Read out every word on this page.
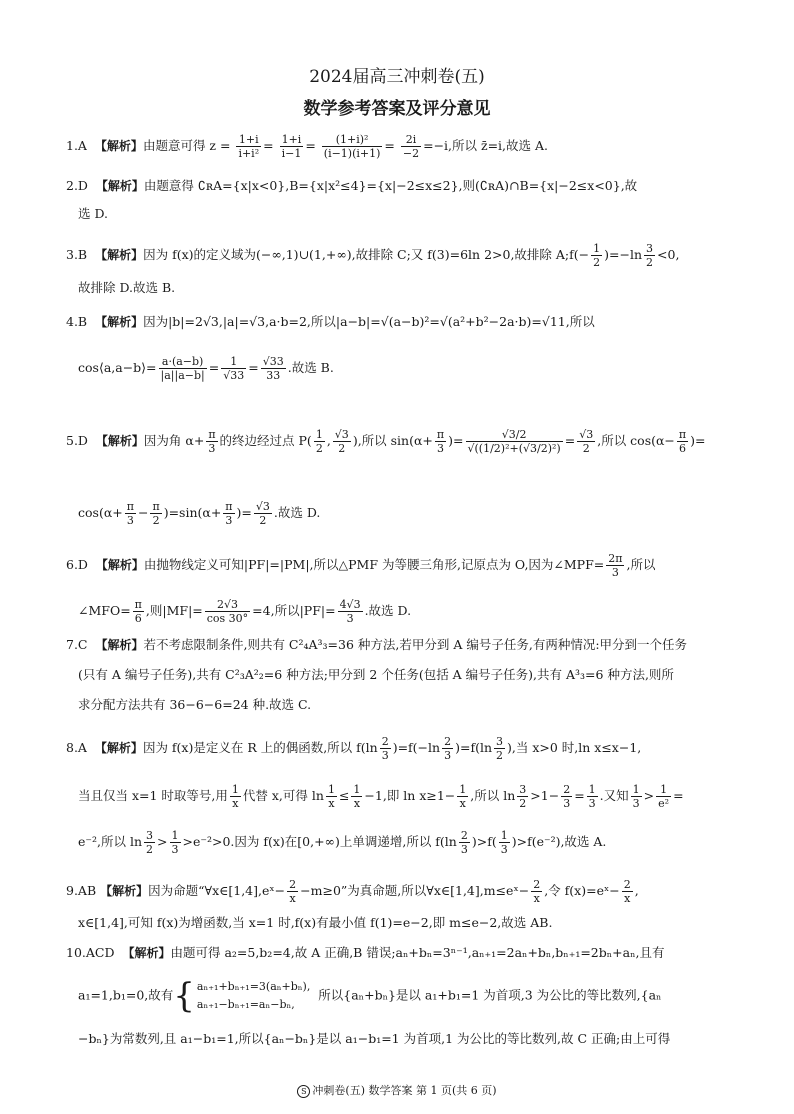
2024届高三冲刺卷(五)
数学参考答案及评分意见
1.A 【解析】由题意可得 $z = \frac{1+i}{\text{i+i²}} = \frac{1+i}{i-1} = \frac{\text{(1+i)²}}{(i-1)(i+1)} = \frac{2i}{-2} =-i$,所以 z̄=i,故选 A.
2.D 【解析】由题意得 ∁ʀA={x|x<0},B={x|x²≤4}={x|−2≤x≤2},则(∁ʀA)∩B={x|−2≤x<0},故
选 D.
3.B 【解析】因为 f(x)的定义域为(−∞,1)∪(1,+∞),故排除 C;又 f(3)=6ln 2>0,故排除 A;f(− $\frac{1}{2} )=-\ln \frac{3}{2} <0$,
故排除 D.故选 B.
4.B 【解析】因为|b|=2√3,|a|=√3,a·b=2,所以|a−b|=√(a−b)²=√(a²+b²−2a·b)=√11,所以
cos⟨a,a−b⟩= $\frac{a\cdot(a-b)}{|a||a-b|} = \frac{1}{√33} = \frac{√33}{33}$ .故选 B.
5.D 【解析】因为角 $\alpha+ \frac{\pi}{3}$ 的终边经过点 $P( \frac{1}{2}$ , $\frac{√3}{2}$ ),所以 $\sin(\alpha+ \frac{\pi}{3}$ )= $\frac{√3/2}{\text{√((1/2)²+(√3/2)²)}} = \frac{√3}{2}$ ,所以 $\cos(\alpha- \frac{\pi}{6}$ )=
$\cos(\alpha+ \frac{\pi}{3} - \frac{\pi}{2} )=\sin(\alpha+ \frac{\pi}{3}$ )= $\frac{√3}{2}$ .故选 D.
6.D 【解析】由抛物线定义可知|PF|=|PM|,所以△PMF 为等腰三角形,记原点为 O,因为∠MPF= $\frac{2\pi}{3}$ ,所以
∠MFO= $\frac{\pi}{6}$ ,则$|MF|= \frac{2√3}{\cos 30^\circ} =4$,所以$|PF|= \frac{4√3}{3}$ .故选 D.
7.C 【解析】若不考虑限制条件,则共有 C²₄A³₃=36 种方法,若甲分到 A 编号子任务,有两种情况:甲分到一个任务
(只有 A 编号子任务),共有 C²₃A²₂=6 种方法;甲分到 2 个任务(包括 A 编号子任务),共有 A³₃=6 种方法,则所
求分配方法共有 36−6−6=24 种.故选 C.
8.A 【解析】因为 f(x)是定义在 R 上的偶函数,所以 $f(\ln \frac{2}{3} )=f(-\ln \frac{2}{3} )=f(\ln \frac{3}{2}$ ),当 x>0 时,ln x≤x−1,
当且仅当 x=1 时取等号,用 $\frac{1}{x}$ 代替 x,可得 $\ln \frac{1}{x} \le \frac{1}{x} -1$,即 $\ln x\ge 1- \frac{1}{x}$ ,所以 $\ln \frac{3}{2} >1- \frac{2}{3} = \frac{1}{3}$ .又知 $\frac{1}{3} > \frac{1}{\text{e²}}$ =
e⁻²,所以 $\ln \frac{3}{2} > \frac{1}{3} >e^{-2}>0$.因为 f(x)在[0,+∞)上单调递增,所以 $f(\ln \frac{2}{3} )>f( \frac{1}{3} )>f(e^{-2})$,故选 A.
9.AB 【解析】因为命题“∀x∈[1,4],eˣ− $\frac{2}{x} -m\ge 0$”为真命题,所以∀x∈[1,4],m≤eˣ− $\frac{2}{x}$ ,令 f(x)=eˣ− $\frac{2}{x}$ ,
x∈[1,4],可知 f(x)为增函数,当 x=1 时,f(x)有最小值 f(1)=e−2,即 m≤e−2,故选 AB.
10.ACD 【解析】由题可得 a₂=5,b₂=4,故 A 正确,B 错误;aₙ+bₙ=3ⁿ⁻¹,aₙ₊₁=2aₙ+bₙ,bₙ₊₁=2bₙ+aₙ,且有
a₁=1,b₁=0,故有{ aₙ₊₁+bₙ₊₁=3(aₙ+bₙ),
aₙ₊₁−bₙ₊₁=aₙ−bₙ,
所以{aₙ+bₙ}是以 a₁+b₁=1 为首项,3 为公比的等比数列,{aₙ
−bₙ}为常数列,且 a₁−b₁=1,所以{aₙ−bₙ}是以 a₁−b₁=1 为首项,1 为公比的等比数列,故 C 正确;由上可得
S 冲刺卷(五) 数学答案 第 1 页(共 6 页)
